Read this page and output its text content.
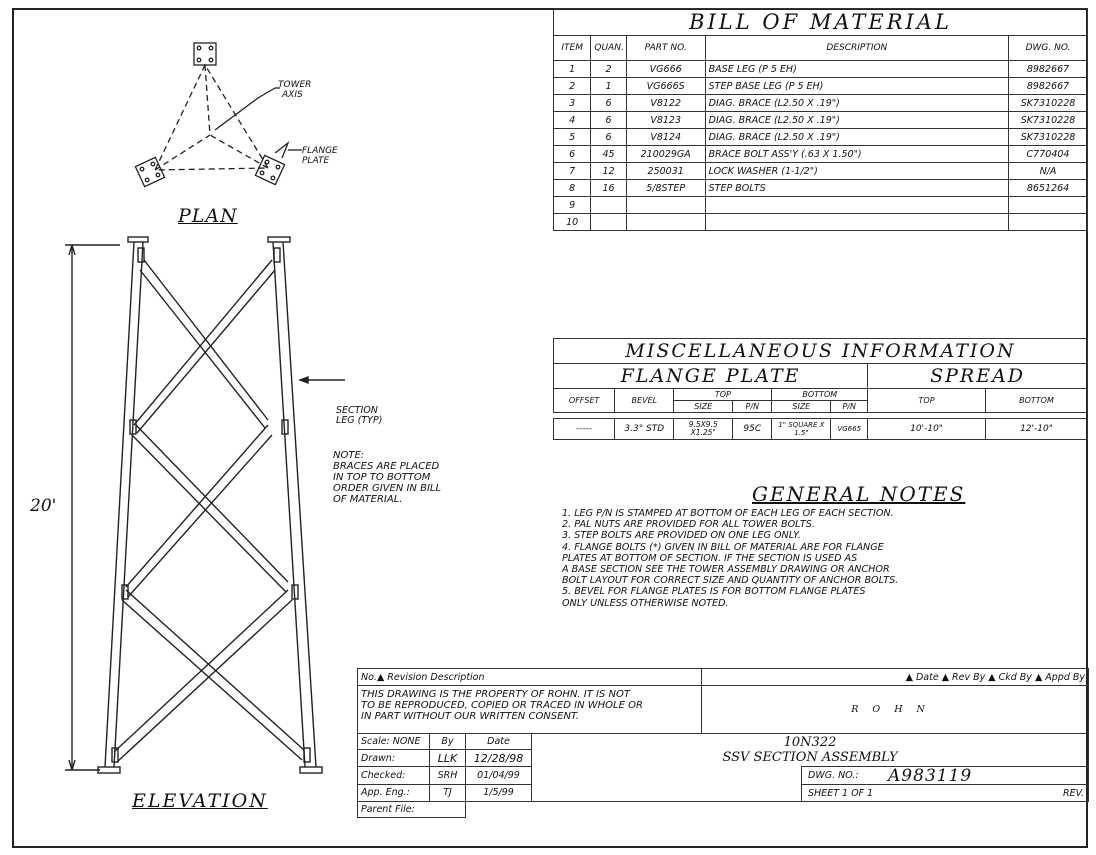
TOWER
AXIS
FLANGE
PLATE
PLAN
20'
SECTION
LEG (TYP)
NOTE:
BRACES ARE PLACED
IN TOP TO BOTTOM
ORDER GIVEN IN BILL
OF MATERIAL.
ELEVATION
BILL OF MATERIAL				
ITEM	QUAN.	PART NO.	DESCRIPTION	DWG. NO.
1	2	VG666	BASE LEG (P 5 EH)	8982667
2	1	VG666S	STEP BASE LEG (P 5 EH)	8982667
3	6	V8122	DIAG. BRACE (L2.50 X .19")	SK7310228
4	6	V8123	DIAG. BRACE (L2.50 X .19")	SK7310228
5	6	V8124	DIAG. BRACE (L2.50 X .19")	SK7310228
6	45	210029GA	BRACE BOLT ASS'Y (.63 X 1.50")	C770404
7	12	250031	LOCK WASHER (1-1/2")	N/A
8	16	5/8STEP	STEP BOLTS	8651264
9				
10				
MISCELLANEOUS INFORMATION							
FLANGE PLATE						SPREAD	
OFFSET	BEVEL	TOP		BOTTOM		TOP	BOTTOM
		SIZE	P/N	SIZE	P/N		

-----	3.3° STD	9.5X9.5 X1.25"	95C	1" SQUARE X 1.5"	VG665	10'-10"	12'-10"
GENERAL NOTES
1. LEG P/N IS STAMPED AT BOTTOM OF EACH LEG OF EACH SECTION.
2. PAL NUTS ARE PROVIDED FOR ALL TOWER BOLTS.
3. STEP BOLTS ARE PROVIDED ON ONE LEG ONLY.
4. FLANGE BOLTS (*) GIVEN IN BILL OF MATERIAL ARE FOR FLANGE
PLATES AT BOTTOM OF SECTION. IF THE SECTION IS USED AS
A BASE SECTION SEE THE TOWER ASSEMBLY DRAWING OR ANCHOR
BOLT LAYOUT FOR CORRECT SIZE AND QUANTITY OF ANCHOR BOLTS.
5. BEVEL FOR FLANGE PLATES IS FOR BOTTOM FLANGE PLATES
ONLY UNLESS OTHERWISE NOTED.
No.▲ Revision Description				▲ Date ▲ Rev By ▲ Ckd By ▲ Appd By	

THIS DRAWING IS THE PROPERTY OF ROHN. IT IS NOT
TO BE REPRODUCED, COPIED OR TRACED IN WHOLE OR
IN PART WITHOUT OUR WRITTEN CONSENT.				ROHN	
Scale: NONE	By	Date	10N322
SSV SECTION ASSEMBLY		

Drawn:	LLK	12/28/98			
Checked:	SRH	01/04/99			DWG. NO.: A983119
SHEET 1 OF 1 REV.

App. Eng.:	TJ	1/5/99			
Parent File:					
